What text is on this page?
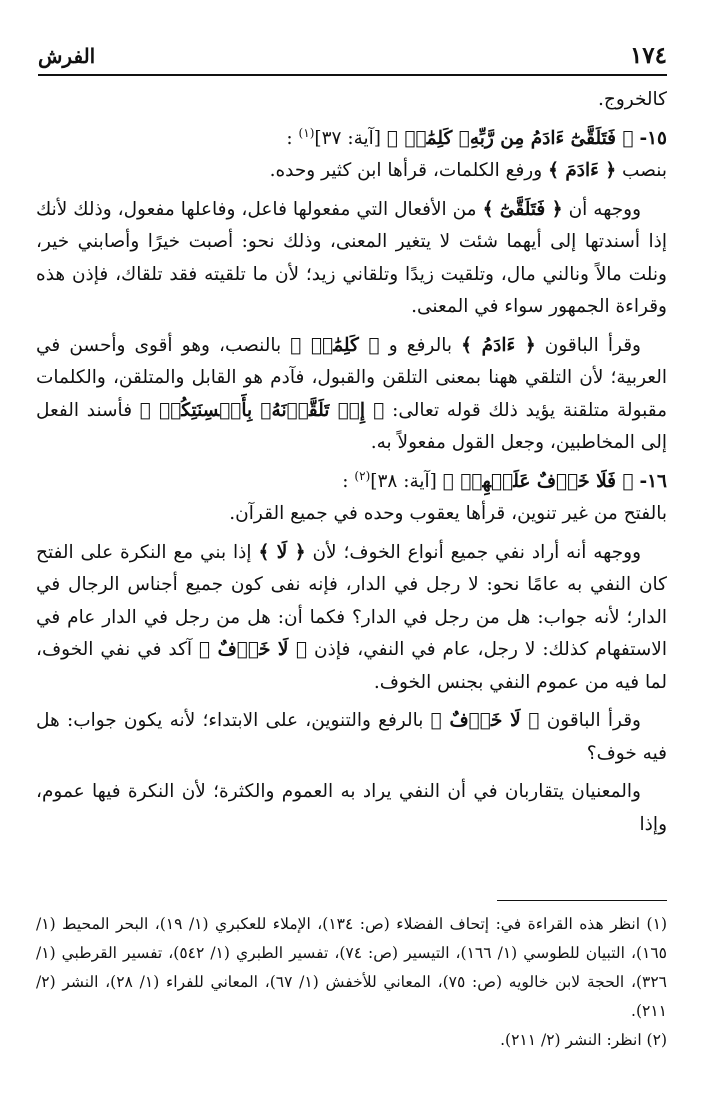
١٧٤
الفرش

كالخروج.

١٥- ﴿ فَتَلَقَّىٰٓ ءَادَمُ مِن رَّبِّهِۦ كَلِمَٰتٖ ﴾ [آية: ٣٧]$^{(١)}$ :

بنصب ﴿ ءَادَمَ ﴾ ورفع الكلمات، قرأها ابن كثير وحده.

ووجهه أن ﴿ فَتَلَقَّىٰٓ ﴾ من الأفعال التي مفعولها فاعل، وفاعلها مفعول، وذلك لأنك إذا أسندتها إلى أيهما شئت لا يتغير المعنى، وذلك نحو: أصبت خيرًا وأصابني خير، ونلت مالاً ونالني مال، وتلقيت زيدًا وتلقاني زيد؛ لأن ما تلقيته فقد تلقاك، فإذن هذه وقراءة الجمهور سواء في المعنى.

وقرأ الباقون ﴿ ءَادَمُ ﴾ بالرفع و ﴿ كَلِمَٰتٖ ﴾ بالنصب، وهو أقوى وأحسن في العربية؛ لأن التلقي ههنا بمعنى التلقن والقبول، فآدم هو القابل والمتلقن، والكلمات مقبولة متلقنة يؤيد ذلك قوله تعالى: ﴿ إِذۡ تَلَقَّوۡنَهُۥ بِأَلۡسِنَتِكُمۡ ﴾ فأسند الفعل إلى المخاطبين، وجعل القول مفعولاً به.

١٦- ﴿ فَلَا خَوۡفٌ عَلَيۡهِمۡ ﴾ [آية: ٣٨]$^{(٢)}$ :

بالفتح من غير تنوين، قرأها يعقوب وحده في جميع القرآن.

ووجهه أنه أراد نفي جميع أنواع الخوف؛ لأن ﴿ لَا ﴾ إذا بني مع النكرة على الفتح كان النفي به عامًا نحو: لا رجل في الدار، فإنه نفى كون جميع أجناس الرجال في الدار؛ لأنه جواب: هل من رجل في الدار؟ فكما أن: هل من رجل في الدار عام في الاستفهام كذلك: لا رجل، عام في النفي، فإذن ﴿ لَا خَوۡفٌ ﴾ آكد في نفي الخوف، لما فيه من عموم النفي بجنس الخوف.

وقرأ الباقون ﴿ لَا خَوۡفٌ ﴾ بالرفع والتنوين، على الابتداء؛ لأنه يكون جواب: هل فيه خوف؟

والمعنيان يتقاربان في أن النفي يراد به العموم والكثرة؛ لأن النكرة فيها عموم، وإذا

(١) انظر هذه القراءة في: إتحاف الفضلاء (ص: ١٣٤)، الإملاء للعكبري (١/ ١٩)، البحر المحيط (١/ ١٦٥)، التبيان للطوسي (١/ ١٦٦)، التيسير (ص: ٧٤)، تفسير الطبري (١/ ٥٤٢)، تفسير القرطبي (١/ ٣٢٦)، الحجة لابن خالويه (ص: ٧٥)، المعاني للأخفش (١/ ٦٧)، المعاني للفراء (١/ ٢٨)، النشر (٢/ ٢١١).

(٢) انظر: النشر (٢/ ٢١١).
